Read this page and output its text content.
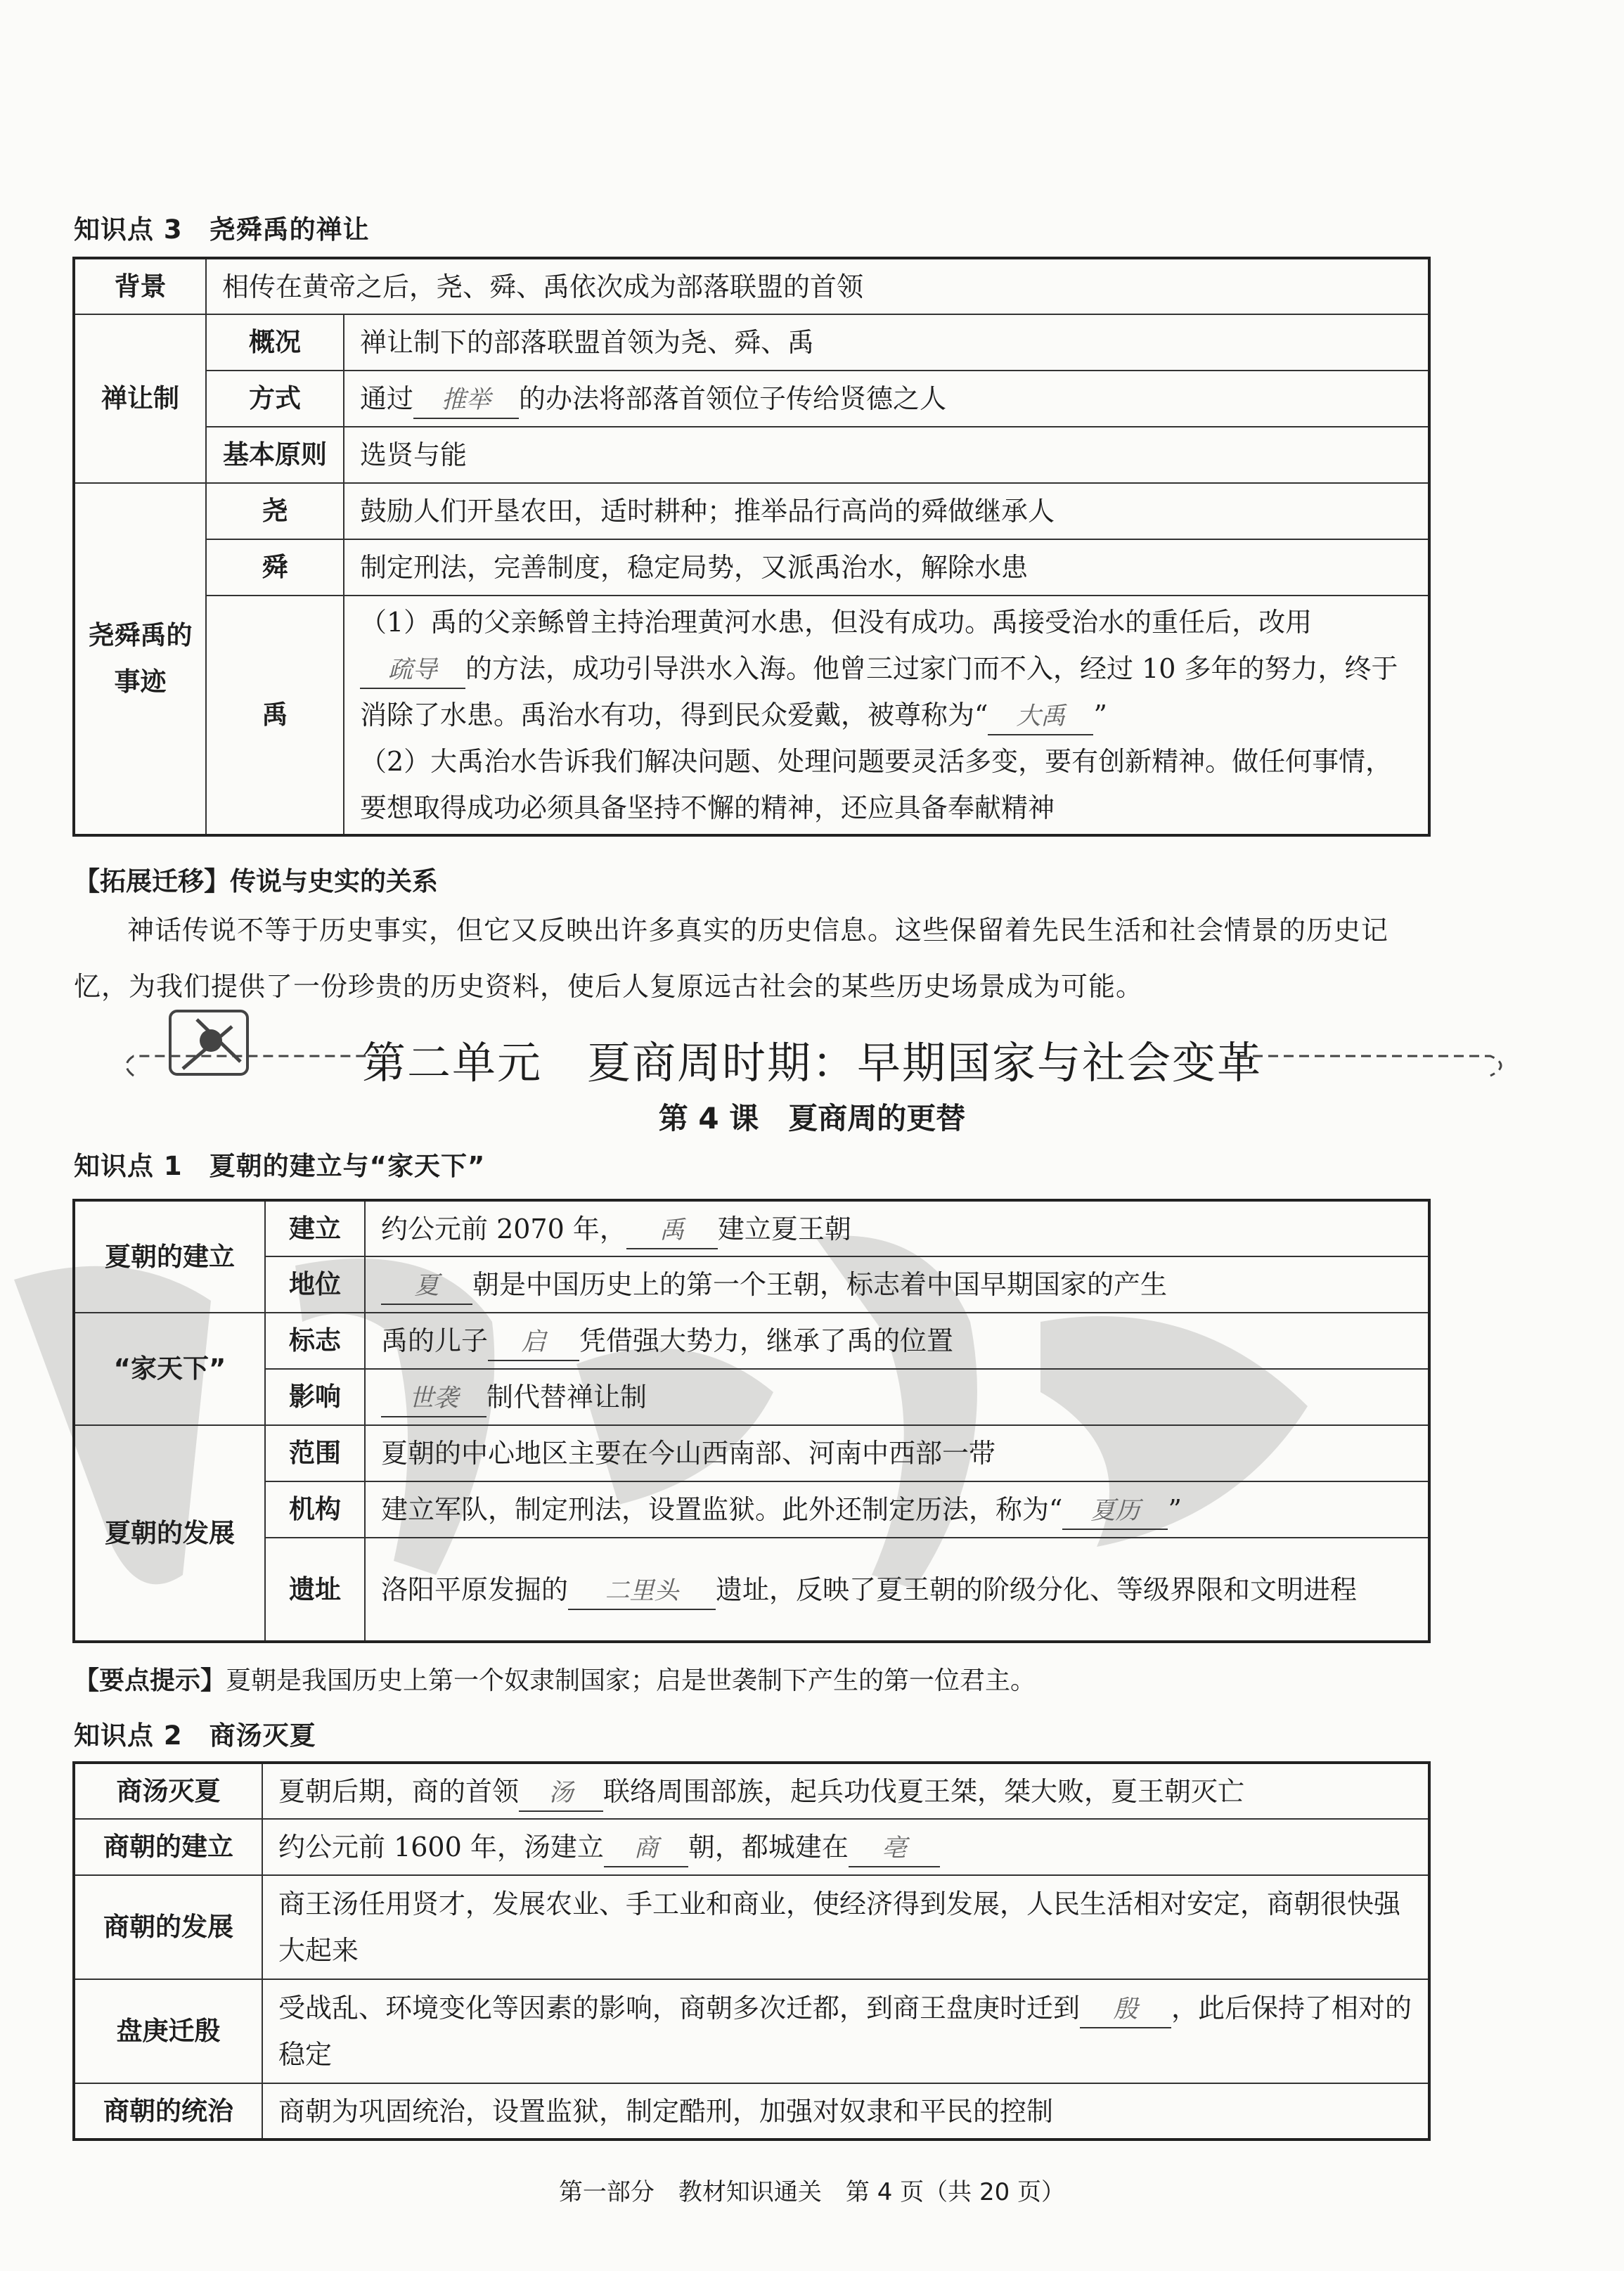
知识点 3　尧舜禹的禅让
背景	相传在黄帝之后，尧、舜、禹依次成为部落联盟的首领	
禅让制	概况	禅让制下的部落联盟首领为尧、舜、禹
	方式	通过 推举 的办法将部落首领位子传给贤德之人
	基本原则	选贤与能
尧舜禹的事迹	尧	鼓励人们开垦农田，适时耕种；推举品行高尚的舜做继承人
	舜	制定刑法，完善制度，稳定局势，又派禹治水，解除水患
	禹	（1）禹的父亲鲧曾主持治理黄河水患，但没有成功。禹接受治水的重任后，改用疏导 的方法，成功引导洪水入海。他曾三过家门而不入，经过 10 多年的努力，终于消除了水患。禹治水有功，得到民众爱戴，被尊称为“ 大禹 ”
（2）大禹治水告诉我们解决问题、处理问题要灵活多变，要有创新精神。做任何事情，要想取得成功必须具备坚持不懈的精神，还应具备奉献精神
【拓展迁移】传说与史实的关系
神话传说不等于历史事实，但它又反映出许多真实的历史信息。这些保留着先民生活和社会情景的历史记忆，为我们提供了一份珍贵的历史资料，使后人复原远古社会的某些历史场景成为可能。
第二单元　夏商周时期：早期国家与社会变革
第 4 课　夏商周的更替
知识点 1　夏朝的建立与“家天下”
夏朝的建立	建立	约公元前 2070 年， 禹 建立夏王朝
	地位	夏 朝是中国历史上的第一个王朝，标志着中国早期国家的产生
“家天下”	标志	禹的儿子 启 凭借强大势力，继承了禹的位置
	影响	世袭 制代替禅让制
夏朝的发展	范围	夏朝的中心地区主要在今山西南部、河南中西部一带
	机构	建立军队，制定刑法，设置监狱。此外还制定历法，称为“ 夏历 ”
	遗址	洛阳平原发掘的 二里头 遗址，反映了夏王朝的阶级分化、等级界限和文明进程
【要点提示】夏朝是我国历史上第一个奴隶制国家；启是世袭制下产生的第一位君主。
知识点 2　商汤灭夏
商汤灭夏	夏朝后期，商的首领 汤 联络周围部族，起兵功伐夏王桀，桀大败，夏王朝灭亡
商朝的建立	约公元前 1600 年，汤建立 商 朝，都城建在 亳
商朝的发展	商王汤任用贤才，发展农业、手工业和商业，使经济得到发展，人民生活相对安定，商朝很快强大起来
盘庚迁殷	受战乱、环境变化等因素的影响，商朝多次迁都，到商王盘庚时迁到 殷 ，此后保持了相对的稳定
商朝的统治	商朝为巩固统治，设置监狱，制定酷刑，加强对奴隶和平民的控制
第一部分　教材知识通关　第 4 页（共 20 页）
